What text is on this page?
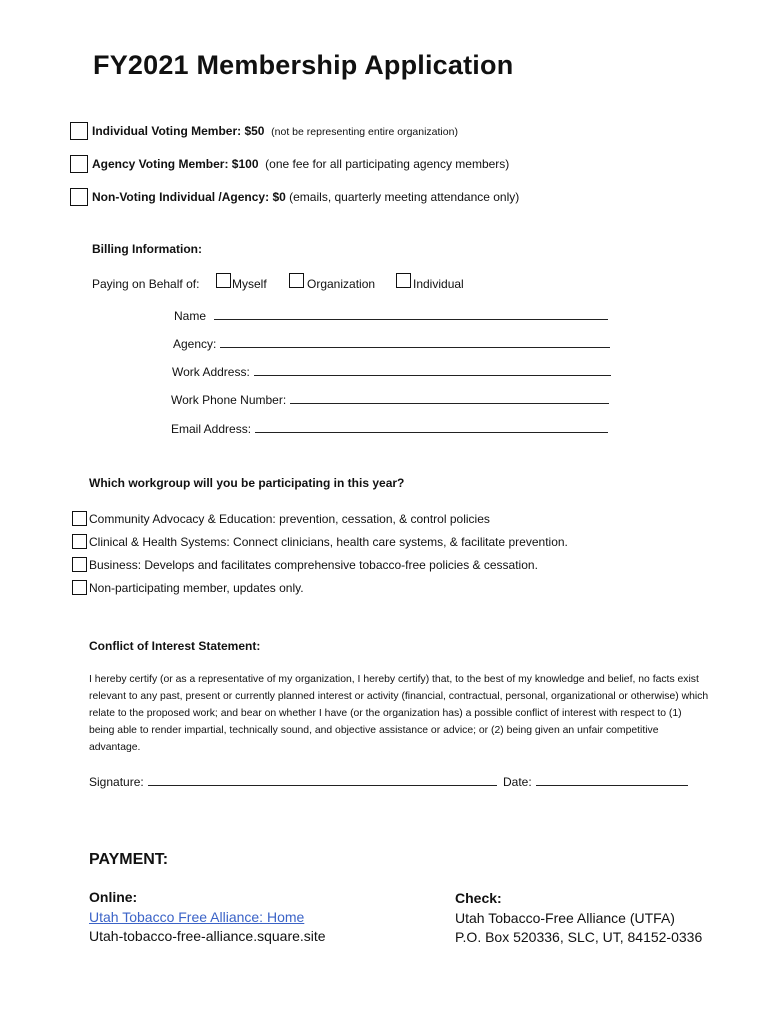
FY2021 Membership Application
Individual Voting Member: $50 (not be representing entire organization)
Agency Voting Member: $100 (one fee for all participating agency members)
Non-Voting Individual /Agency: $0 (emails, quarterly meeting attendance only)
Billing Information:
Paying on Behalf of:	Myself	Organization	Individual
Name
Agency:
Work Address:
Work Phone Number:
Email Address:
Which workgroup will you be participating in this year?
Community Advocacy & Education: prevention, cessation, & control policies
Clinical & Health Systems: Connect clinicians, health care systems, & facilitate prevention.
Business: Develops and facilitates comprehensive tobacco-free policies & cessation.
Non-participating member, updates only.
Conflict of Interest Statement:
I hereby certify (or as a representative of my organization, I hereby certify) that, to the best of my knowledge and belief, no facts exist relevant to any past, present or currently planned interest or activity (financial, contractual, personal, organizational or otherwise) which relate to the proposed work; and bear on whether I have (or the organization has) a possible conflict of interest with respect to (1) being able to render impartial, technically sound, and objective assistance or advice; or (2) being given an unfair competitive advantage.
Signature:	Date:
PAYMENT:
Online:
Utah Tobacco Free Alliance: Home
Utah-tobacco-free-alliance.square.site
Check:
Utah Tobacco-Free Alliance (UTFA)
P.O. Box 520336, SLC, UT, 84152-0336
